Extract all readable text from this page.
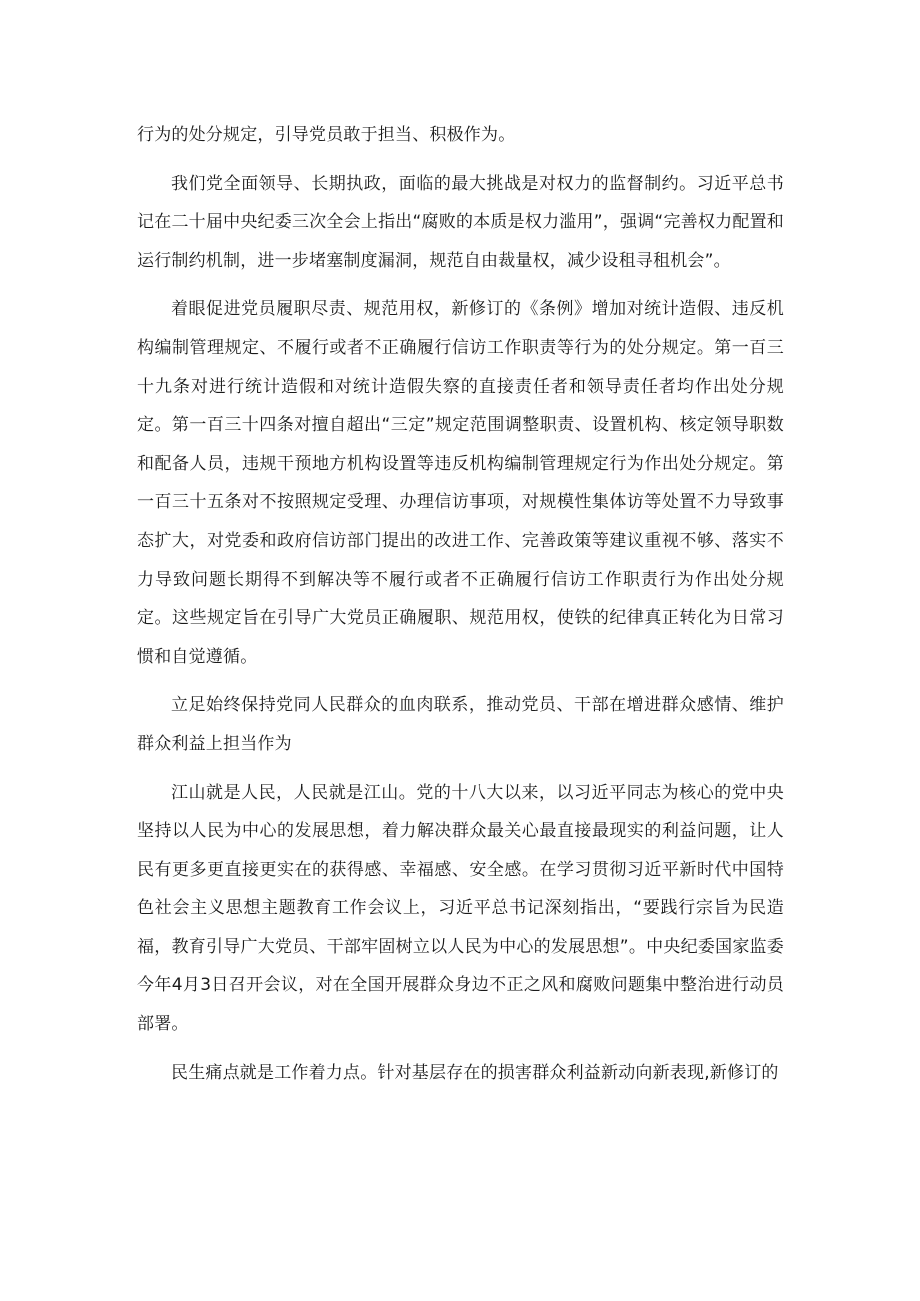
行为的处分规定，引导党员敢于担当、积极作为。

我们党全面领导、长期执政，面临的最大挑战是对权力的监督制约。习近平总书记在二十届中央纪委三次全会上指出“腐败的本质是权力滥用”，强调“完善权力配置和运行制约机制，进一步堵塞制度漏洞，规范自由裁量权，减少设租寻租机会”。

着眼促进党员履职尽责、规范用权，新修订的《条例》增加对统计造假、违反机构编制管理规定、不履行或者不正确履行信访工作职责等行为的处分规定。第一百三十九条对进行统计造假和对统计造假失察的直接责任者和领导责任者均作出处分规定。第一百三十四条对擅自超出“三定”规定范围调整职责、设置机构、核定领导职数和配备人员，违规干预地方机构设置等违反机构编制管理规定行为作出处分规定。第一百三十五条对不按照规定受理、办理信访事项，对规模性集体访等处置不力导致事态扩大，对党委和政府信访部门提出的改进工作、完善政策等建议重视不够、落实不力导致问题长期得不到解决等不履行或者不正确履行信访工作职责行为作出处分规定。这些规定旨在引导广大党员正确履职、规范用权，使铁的纪律真正转化为日常习惯和自觉遵循。

立足始终保持党同人民群众的血肉联系，推动党员、干部在增进群众感情、维护群众利益上担当作为

江山就是人民，人民就是江山。党的十八大以来，以习近平同志为核心的党中央坚持以人民为中心的发展思想，着力解决群众最关心最直接最现实的利益问题，让人民有更多更直接更实在的获得感、幸福感、安全感。在学习贯彻习近平新时代中国特色社会主义思想主题教育工作会议上，习近平总书记深刻指出，“要践行宗旨为民造福，教育引导广大党员、干部牢固树立以人民为中心的发展思想”。中央纪委国家监委今年4月3日召开会议，对在全国开展群众身边不正之风和腐败问题集中整治进行动员部署。

民生痛点就是工作着力点。针对基层存在的损害群众利益新动向新表现,新修订的
